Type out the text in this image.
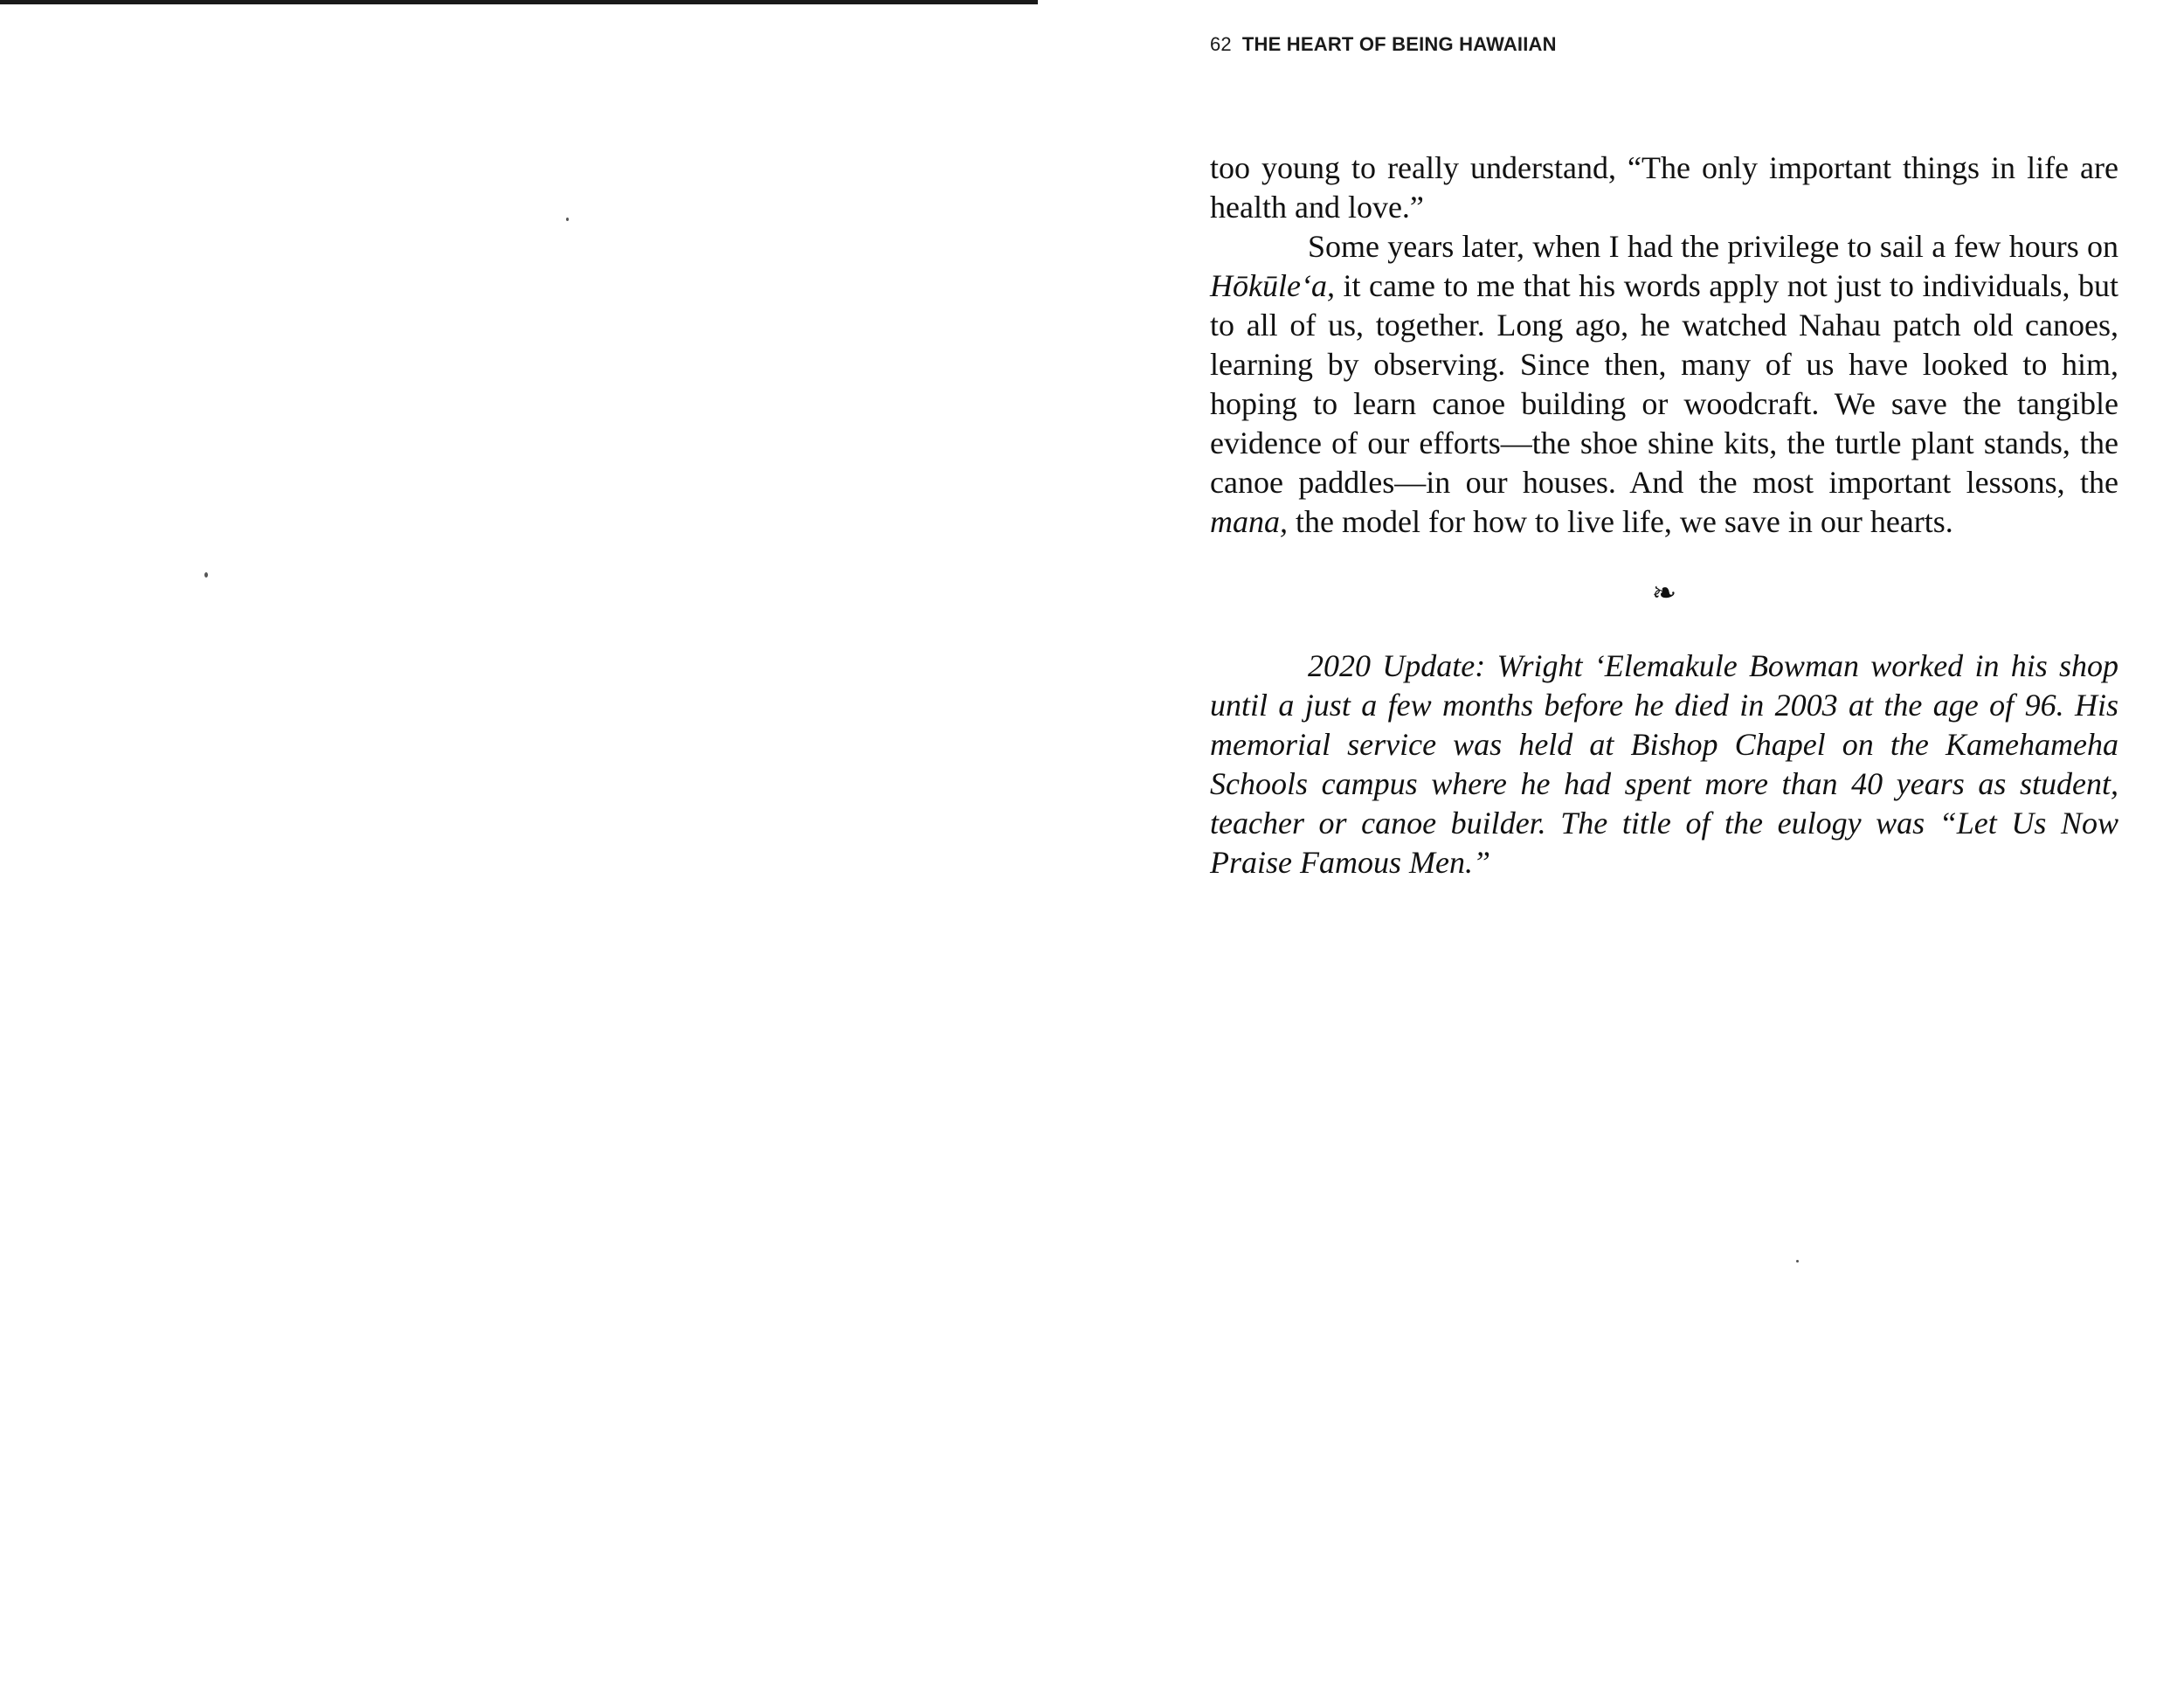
62 THE HEART OF BEING HAWAIIAN

too young to really understand, “The only important things in life are health and love.”

Some years later, when I had the privilege to sail a few hours on Hōkūle‘a, it came to me that his words apply not just to individuals, but to all of us, together. Long ago, he watched Nahau patch old canoes, learning by observing. Since then, many of us have looked to him, hoping to learn canoe building or woodcraft. We save the tangible evidence of our efforts—the shoe shine kits, the turtle plant stands, the canoe paddles—in our houses. And the most important lessons, the mana, the model for how to live life, we save in our hearts.

❧

2020 Update: Wright ‘Elemakule Bowman worked in his shop until a just a few months before he died in 2003 at the age of 96. His memorial service was held at Bishop Chapel on the Kamehameha Schools campus where he had spent more than 40 years as student, teacher or canoe builder. The title of the eulogy was “Let Us Now Praise Famous Men.”
